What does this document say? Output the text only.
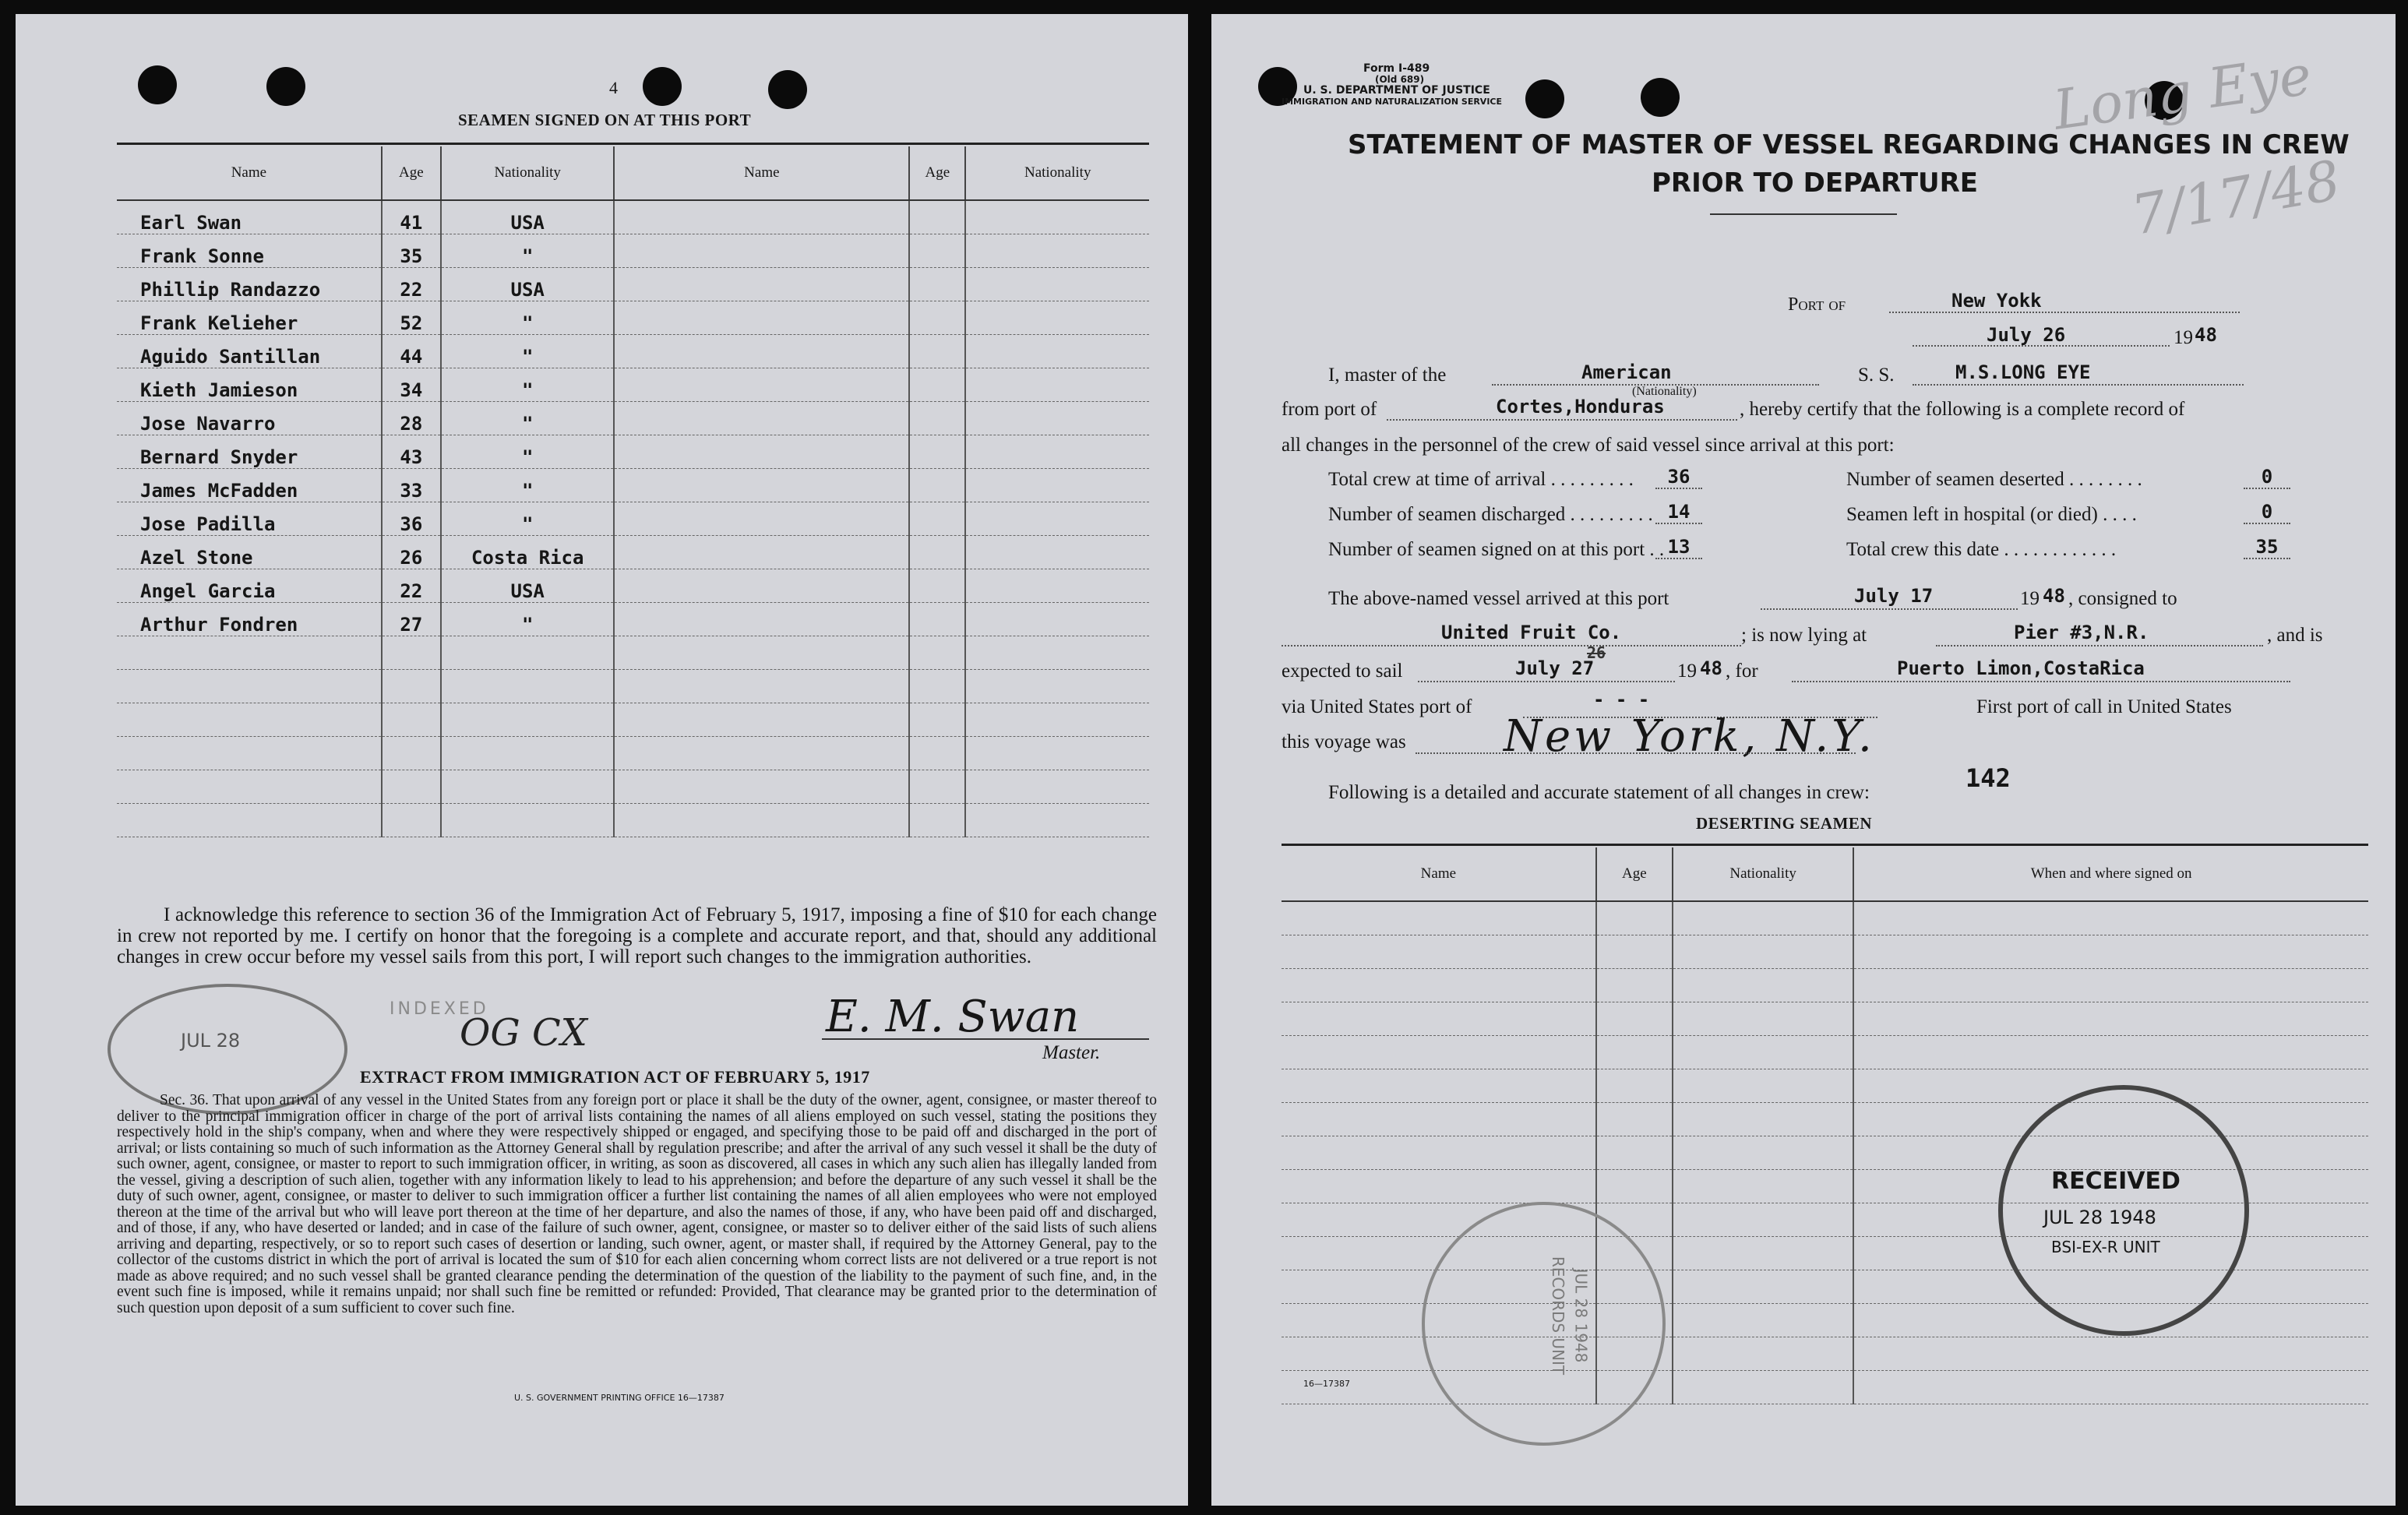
4
SEAMEN SIGNED ON AT THIS PORT
Name	Age	Nationality	Name	Age	Nationality
Earl Swan	41	USA			
Frank Sonne	35	"			
Phillip Randazzo	22	USA			
Frank Kelieher	52	"			
Aguido Santillan	44	"			
Kieth Jamieson	34	"			
Jose Navarro	28	"			
Bernard Snyder	43	"			
James McFadden	33	"			
Jose Padilla	36	"			
Azel Stone	26	Costa Rica			
Angel Garcia	22	USA			
Arthur Fondren	27	"			

I acknowledge this reference to section 36 of the Immigration Act of February 5, 1917, imposing a fine of $10 for each change in crew not reported by me. I certify on honor that the foregoing is a complete and accurate report, and that, should any additional changes in crew occur before my vessel sails from this port, I will report such changes to the immigration authorities.
INDEXED
OG CX	E. M. Swan
Master.
JUL 28
EXTRACT FROM IMMIGRATION ACT OF FEBRUARY 5, 1917
Sec. 36. That upon arrival of any vessel in the United States from any foreign port or place it shall be the duty of the owner, agent, consignee, or master thereof to deliver to the principal immigration officer in charge of the port of arrival lists containing the names of all aliens employed on such vessel, stating the positions they respectively hold in the ship's company, when and where they were respectively shipped or engaged, and specifying those to be paid off and discharged in the port of arrival; or lists containing so much of such information as the Attorney General shall by regulation prescribe; and after the arrival of any such vessel it shall be the duty of such owner, agent, consignee, or master to report to such immigration officer, in writing, as soon as discovered, all cases in which any such alien has illegally landed from the vessel, giving a description of such alien, together with any information likely to lead to his apprehension; and before the departure of any such vessel it shall be the duty of such owner, agent, consignee, or master to deliver to such immigration officer a further list containing the names of all alien employees who were not employed thereon at the time of the arrival but who will leave port thereon at the time of her departure, and also the names of those, if any, who have been paid off and discharged, and of those, if any, who have deserted or landed; and in case of the failure of such owner, agent, consignee, or master so to deliver either of the said lists of such aliens arriving and departing, respectively, or so to report such cases of desertion or landing, such owner, agent, or master shall, if required by the Attorney General, pay to the collector of the customs district in which the port of arrival is located the sum of $10 for each alien concerning whom correct lists are not delivered or a true report is not made as above required; and no such vessel shall be granted clearance pending the determination of the question of the liability to the payment of such fine, and, in the event such fine is imposed, while it remains unpaid; nor shall such fine be remitted or refunded: Provided, That clearance may be granted prior to the determination of such question upon deposit of a sum sufficient to cover such fine.
U. S. GOVERNMENT PRINTING OFFICE 16—17387
Form I-489
(Old 689)
U. S. DEPARTMENT OF JUSTICE
IMMIGRATION AND NATURALIZATION SERVICE	Long Eye
7/17/48
STATEMENT OF MASTER OF VESSEL REGARDING CHANGES IN CREW
PRIOR TO DEPARTURE
Port of	New Yokk
July 26	19 48
I, master of the	American
(Nationality)
S. S.	M.S.LONG EYE
from port of	Cortes,Honduras	, hereby certify that the following is a complete record of
all changes in the personnel of the crew of said vessel since arrival at this port:
Total crew at time of arrival . . . . . . . . .	36
Number of seamen discharged . . . . . . . . . 14
Number of seamen signed on at this port . . 13
Number of seamen deserted . . . . . . . .	0
Seamen left in hospital (or died) . . . .	0
Total crew this date . . . . . . . . . . . .	35
The above-named vessel arrived at this port	July 17	19 48 , consigned to
United Fruit Co.	; is now lying at	Pier #3,N.R.	, and is
expected to sail	July 27
26
19 48 , for	Puerto Limon,CostaRica
via United States port of	- - -	First port of call in United States
this voyage was New York, N.Y.
Following is a detailed and accurate statement of all changes in crew:	142
DESERTING SEAMEN
Name	Age	Nationality	When and where signed on

RECEIVED
JUL 28 1948
BSI-EX-R UNIT
RECORDS UNIT JUL 28 1948
16—17387
